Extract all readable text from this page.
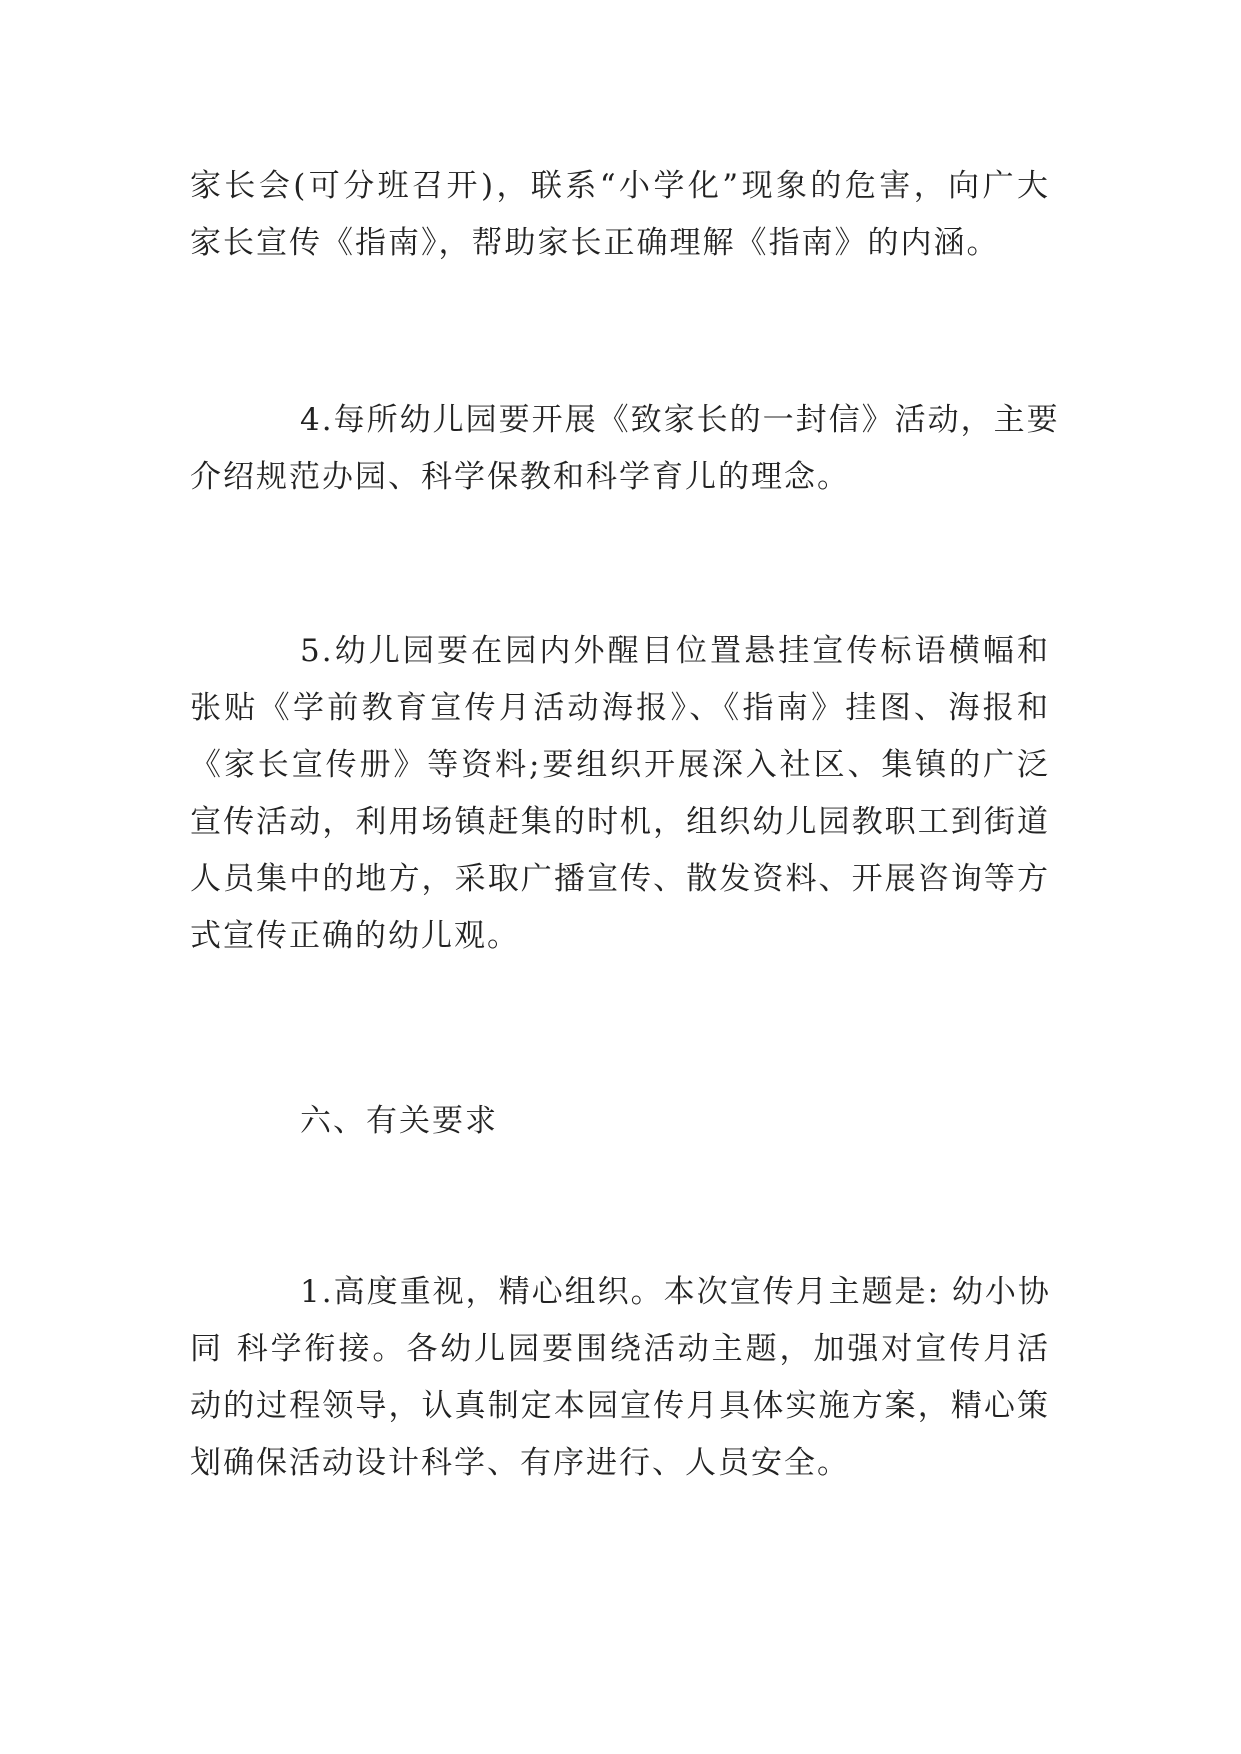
家长会(可分班召开)，联系“小学化”现象的危害，向广大
家长宣传《指南》，帮助家长正确理解《指南》的内涵。
4.每所幼儿园要开展《致家长的一封信》活动，主要
介绍规范办园、科学保教和科学育儿的理念。
5.幼儿园要在园内外醒目位置悬挂宣传标语横幅和
张贴《学前教育宣传月活动海报》、《指南》挂图、海报和
《家长宣传册》等资料;要组织开展深入社区、集镇的广泛
宣传活动，利用场镇赶集的时机，组织幼儿园教职工到街道
人员集中的地方，采取广播宣传、散发资料、开展咨询等方
式宣传正确的幼儿观。
六、有关要求
1.高度重视，精心组织。本次宣传月主题是: 幼小协
同 科学衔接。各幼儿园要围绕活动主题，加强对宣传月活
动的过程领导，认真制定本园宣传月具体实施方案，精心策
划确保活动设计科学、有序进行、人员安全。
